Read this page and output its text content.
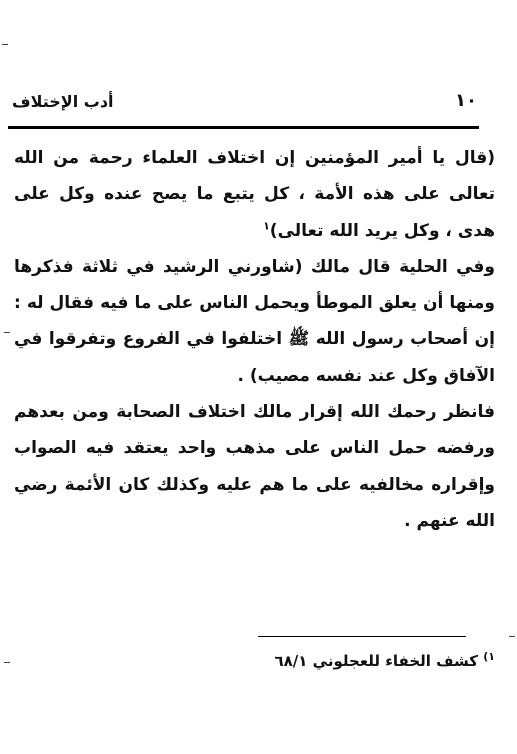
أدب الإختلاف	١٠

(قال يا أمير المؤمنين إن اختلاف العلماء رحمة من الله تعالى على هذه الأمة ، كل يتبع ما يصح عنده وكل على هدى ، وكل يريد الله تعالى)$^١$

وفي الحلية قال مالك (شاورني الرشيد في ثلاثة فذكرها ومنها أن يعلق الموطأ ويحمل الناس على ما فيه فقال له : إن أصحاب رسول الله ﷺ اختلفوا في الفروع وتفرقوا في الآفاق وكل عند نفسه مصيب) .

فانظر رحمك الله إقرار مالك اختلاف الصحابة ومن بعدهم ورفضه حمل الناس على مذهب واحد يعتقد فيه الصواب وإقراره مخالفيه على ما هم عليه وكذلك كان الأئمة رضي الله عنهم .

$^{١)}$ كشف الخفاء للعجلوني ٦٨/١
